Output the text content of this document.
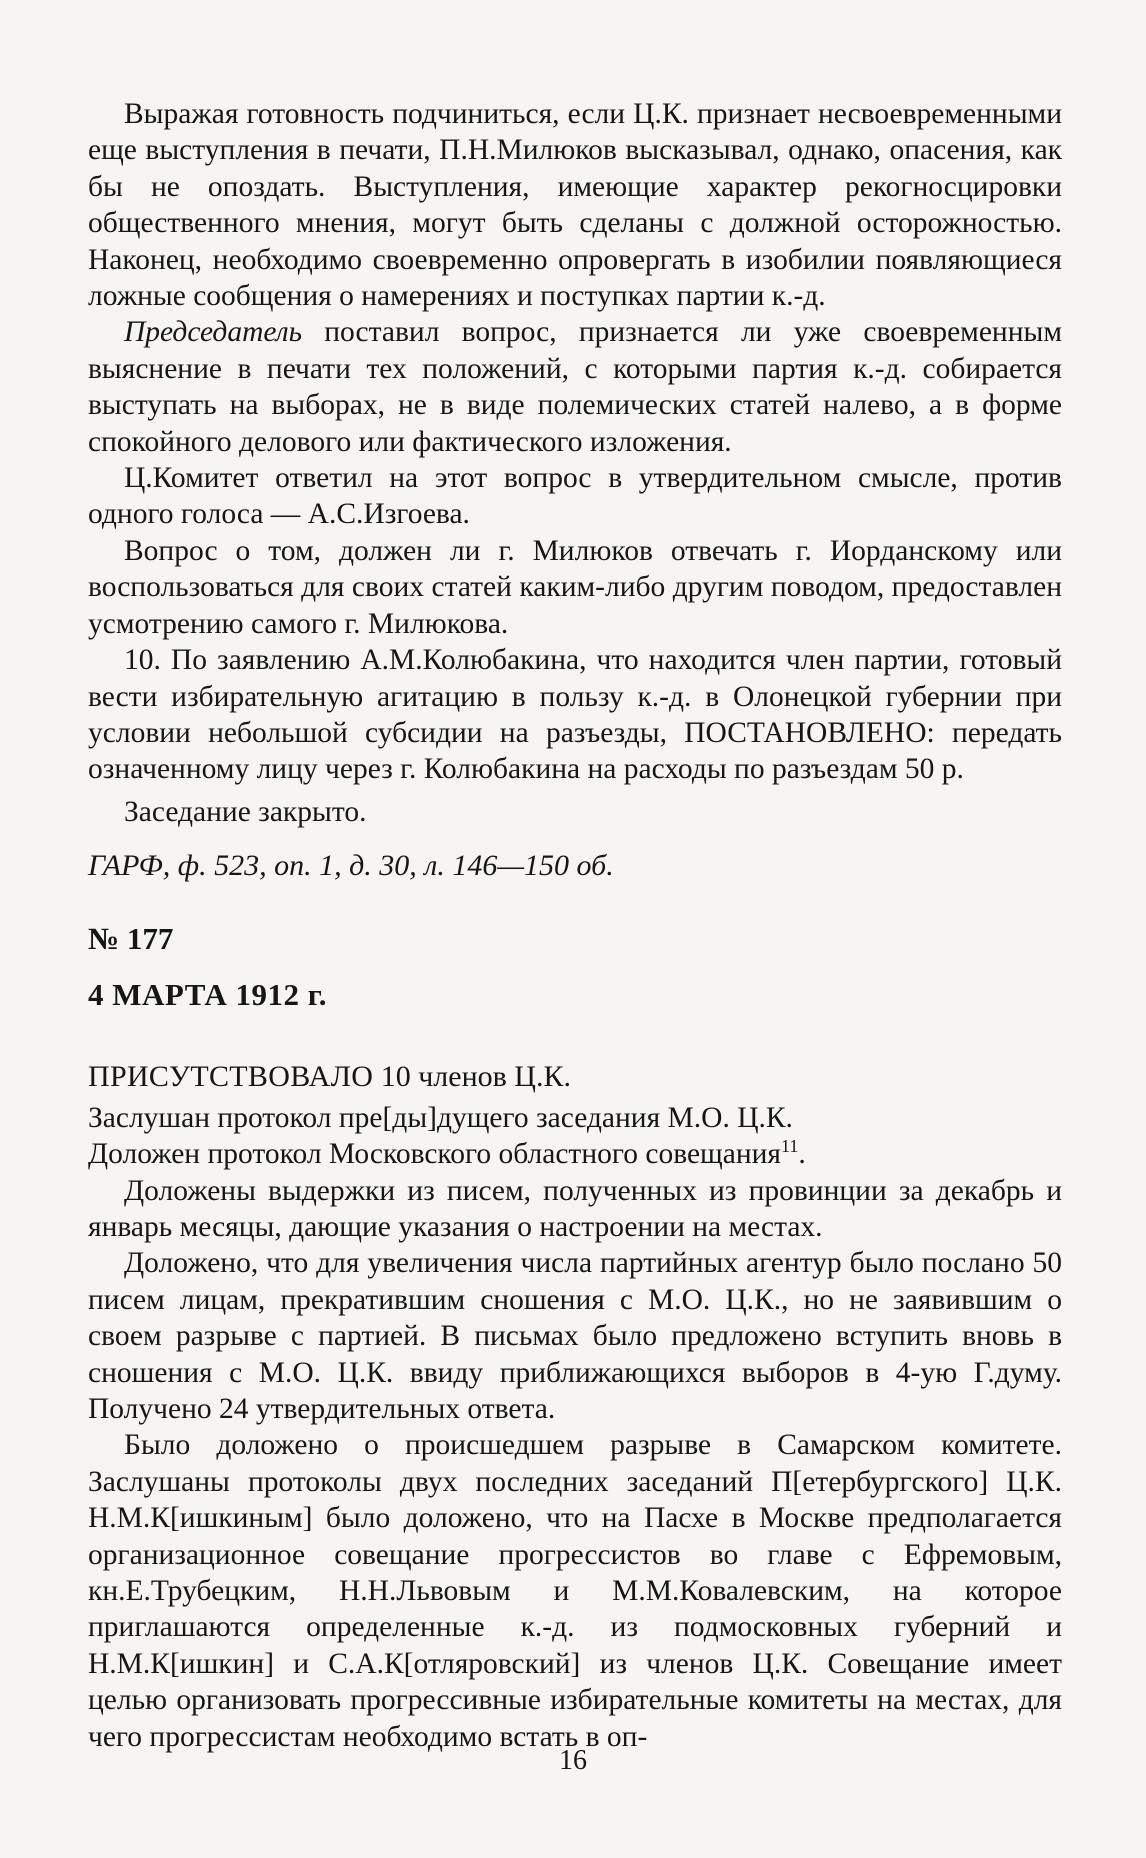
Выражая готовность подчиниться, если Ц.К. признает несвоевременными еще выступления в печати, П.Н.Милюков высказывал, однако, опасения, как бы не опоздать. Выступления, имеющие характер рекогносцировки общественного мнения, могут быть сделаны с должной осторожностью. Наконец, необходимо своевременно опровергать в изобилии появляющиеся ложные сообщения о намерениях и поступках партии к.-д.

Председатель поставил вопрос, признается ли уже своевременным выяснение в печати тех положений, с которыми партия к.-д. собирается выступать на выборах, не в виде полемических статей налево, а в форме спокойного делового или фактического изложения.

Ц.Комитет ответил на этот вопрос в утвердительном смысле, против одного голоса — А.С.Изгоева.

Вопрос о том, должен ли г. Милюков отвечать г. Иорданскому или воспользоваться для своих статей каким-либо другим поводом, предоставлен усмотрению самого г. Милюкова.

10. По заявлению А.М.Колюбакина, что находится член партии, готовый вести избирательную агитацию в пользу к.-д. в Олонецкой губернии при условии небольшой субсидии на разъезды, ПОСТАНОВЛЕНО: передать означенному лицу через г. Колюбакина на расходы по разъездам 50 р.

Заседание закрыто.

ГАРФ, ф. 523, оп. 1, д. 30, л. 146—150 об.

№ 177

4 МАРТА 1912 г.

ПРИСУТСТВОВАЛО 10 членов Ц.К.

Заслушан протокол пре[ды]дущего заседания М.О. Ц.К.

Доложен протокол Московского областного совещания$^{11}$.

Доложены выдержки из писем, полученных из провинции за декабрь и январь месяцы, дающие указания о настроении на местах.

Доложено, что для увеличения числа партийных агентур было послано 50 писем лицам, прекратившим сношения с М.О. Ц.К., но не заявившим о своем разрыве с партией. В письмах было предложено вступить вновь в сношения с М.О. Ц.К. ввиду приближающихся выборов в 4-ую Г.думу. Получено 24 утвердительных ответа.

Было доложено о происшедшем разрыве в Самарском комитете. Заслушаны протоколы двух последних заседаний П[етербургского] Ц.К. Н.М.К[ишкиным] было доложено, что на Пасхе в Москве предполагается организационное совещание прогрессистов во главе с Ефремовым, кн.Е.Трубецким, Н.Н.Львовым и М.М.Ковалевским, на которое приглашаются определенные к.-д. из подмосковных губерний и Н.М.К[ишкин] и С.А.К[отляровский] из членов Ц.К. Совещание имеет целью организовать прогрессивные избирательные комитеты на местах, для чего прогрессистам необходимо встать в оп-

16
